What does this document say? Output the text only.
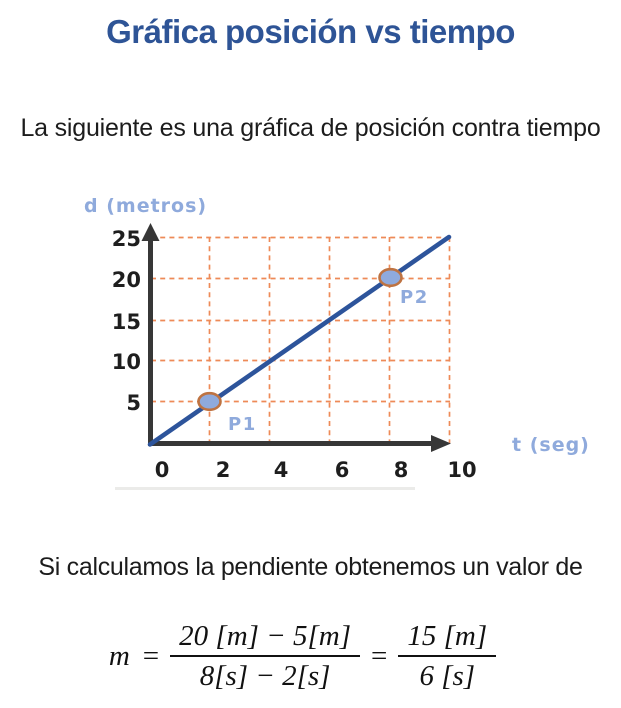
Gráfica posición vs tiempo

La siguiente es una gráfica de posición contra tiempo

d (metros)
t (seg)
P1
P2
25
20
15
10
5
0 2 4 6 8 10

Si calculamos la pendiente obtenemos un valor de

$m = \frac{20 [m] - 5[m]}{8[s] - 2[s]} = \frac{15 [m]}{6 [s]}$
